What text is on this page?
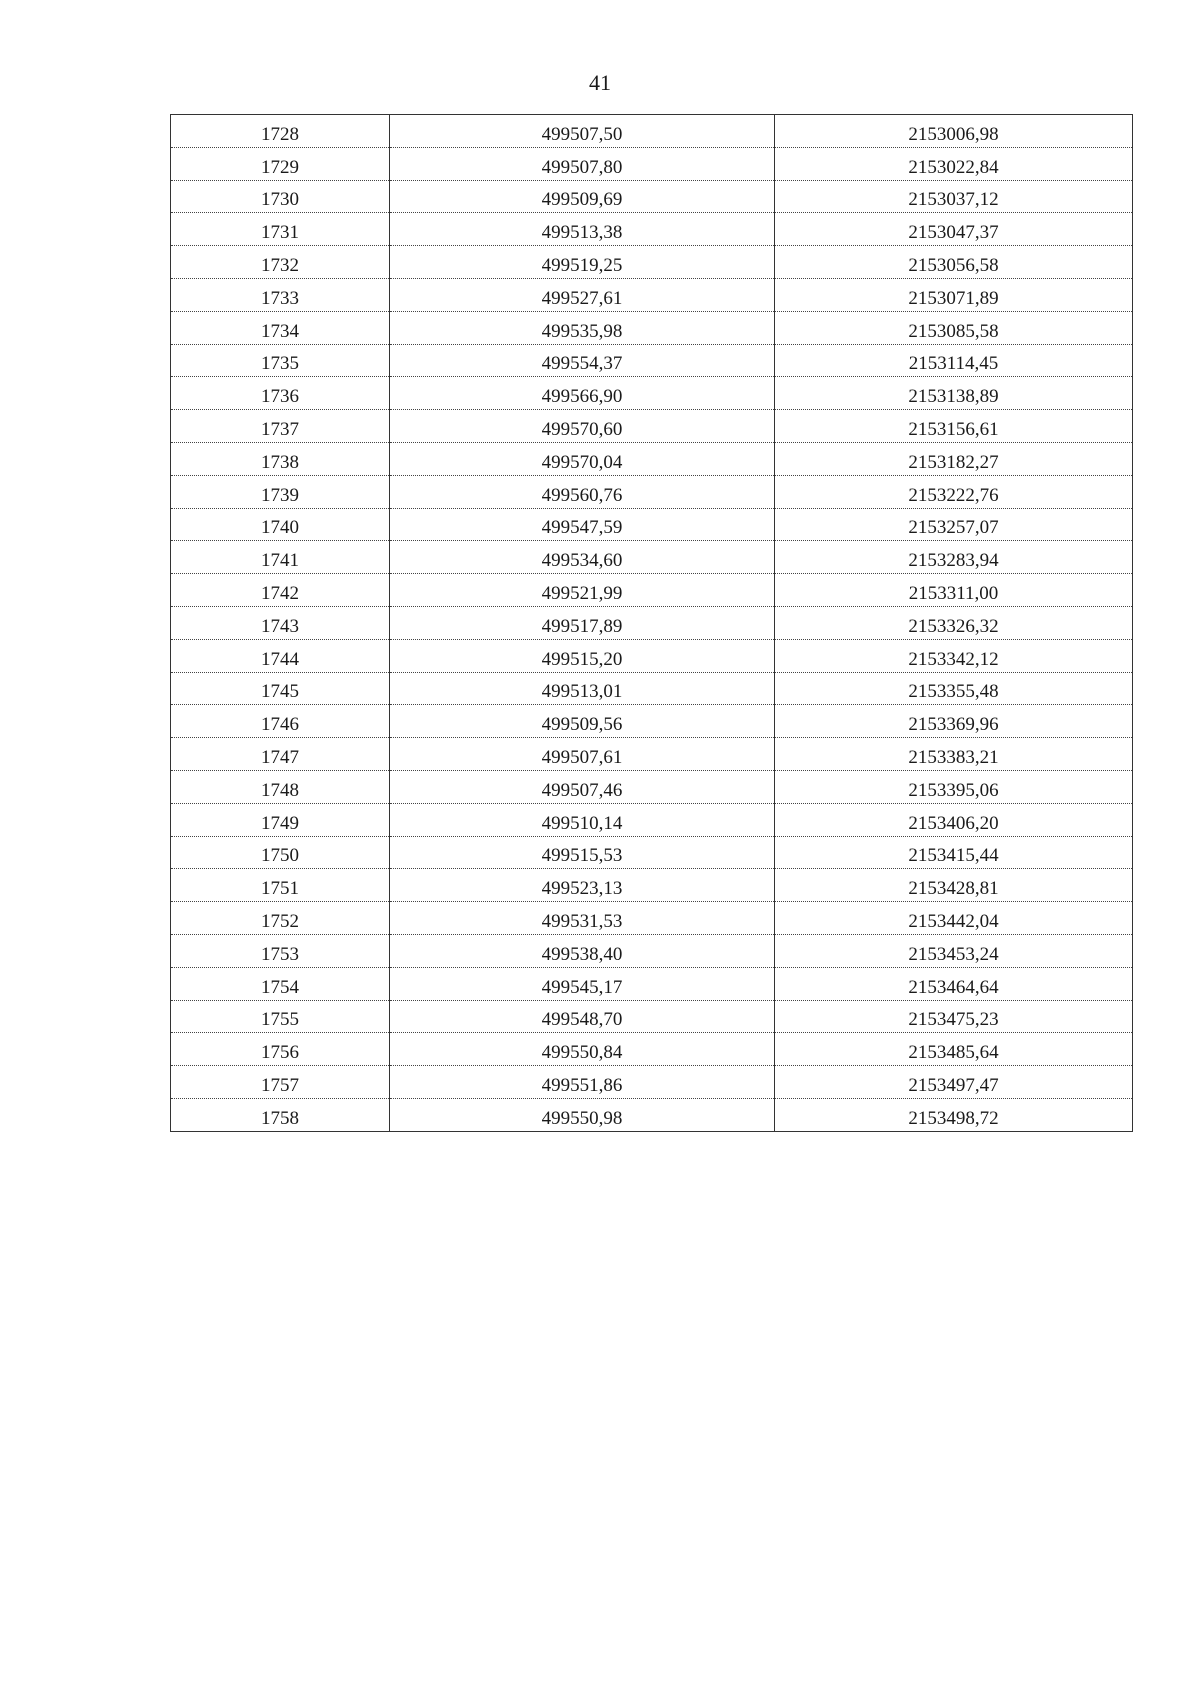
41
1728	499507,50	2153006,98
1729	499507,80	2153022,84
1730	499509,69	2153037,12
1731	499513,38	2153047,37
1732	499519,25	2153056,58
1733	499527,61	2153071,89
1734	499535,98	2153085,58
1735	499554,37	2153114,45
1736	499566,90	2153138,89
1737	499570,60	2153156,61
1738	499570,04	2153182,27
1739	499560,76	2153222,76
1740	499547,59	2153257,07
1741	499534,60	2153283,94
1742	499521,99	2153311,00
1743	499517,89	2153326,32
1744	499515,20	2153342,12
1745	499513,01	2153355,48
1746	499509,56	2153369,96
1747	499507,61	2153383,21
1748	499507,46	2153395,06
1749	499510,14	2153406,20
1750	499515,53	2153415,44
1751	499523,13	2153428,81
1752	499531,53	2153442,04
1753	499538,40	2153453,24
1754	499545,17	2153464,64
1755	499548,70	2153475,23
1756	499550,84	2153485,64
1757	499551,86	2153497,47
1758	499550,98	2153498,72
